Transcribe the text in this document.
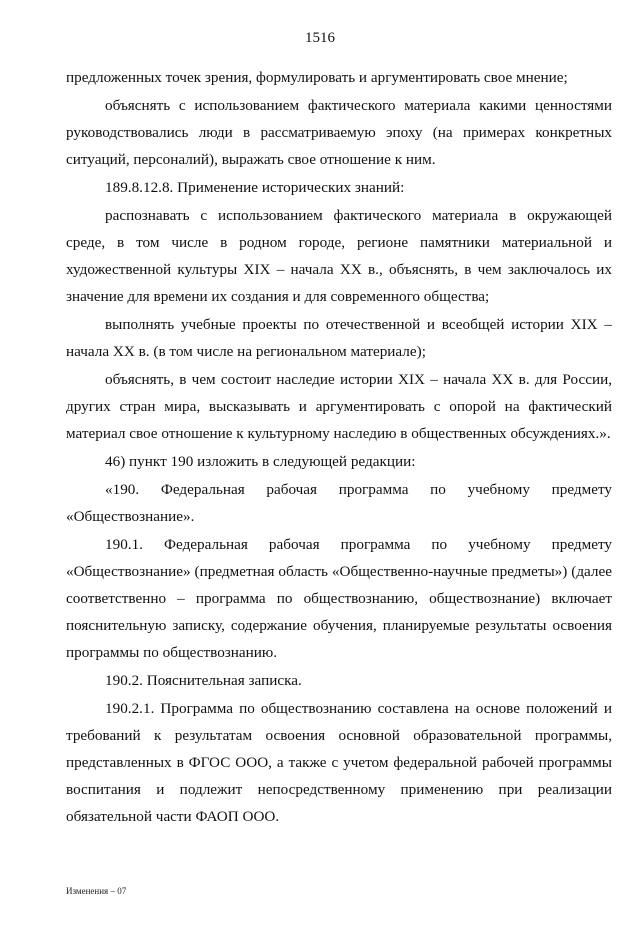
1516

предложенных точек зрения, формулировать и аргументировать свое мнение;

объяснять с использованием фактического материала какими ценностями руководствовались люди в рассматриваемую эпоху (на примерах конкретных ситуаций, персоналий), выражать свое отношение к ним.

189.8.12.8. Применение исторических знаний:

распознавать с использованием фактического материала в окружающей среде, в том числе в родном городе, регионе памятники материальной и художественной культуры XIX – начала XX в., объяснять, в чем заключалось их значение для времени их создания и для современного общества;

выполнять учебные проекты по отечественной и всеобщей истории XIX – начала XX в. (в том числе на региональном материале);

объяснять, в чем состоит наследие истории XIX – начала XX в. для России, других стран мира, высказывать и аргументировать с опорой на фактический материал свое отношение к культурному наследию в общественных обсуждениях.».

46) пункт 190 изложить в следующей редакции:

«190. Федеральная рабочая программа по учебному предмету «Обществознание».

190.1. Федеральная рабочая программа по учебному предмету «Обществознание» (предметная область «Общественно-научные предметы») (далее соответственно – программа по обществознанию, обществознание) включает пояснительную записку, содержание обучения, планируемые результаты освоения программы по обществознанию.

190.2. Пояснительная записка.

190.2.1. Программа по обществознанию составлена на основе положений и требований к результатам освоения основной образовательной программы, представленных в ФГОС ООО, а также с учетом федеральной рабочей программы воспитания и подлежит непосредственному применению при реализации обязательной части ФАОП ООО.

Изменения – 07
